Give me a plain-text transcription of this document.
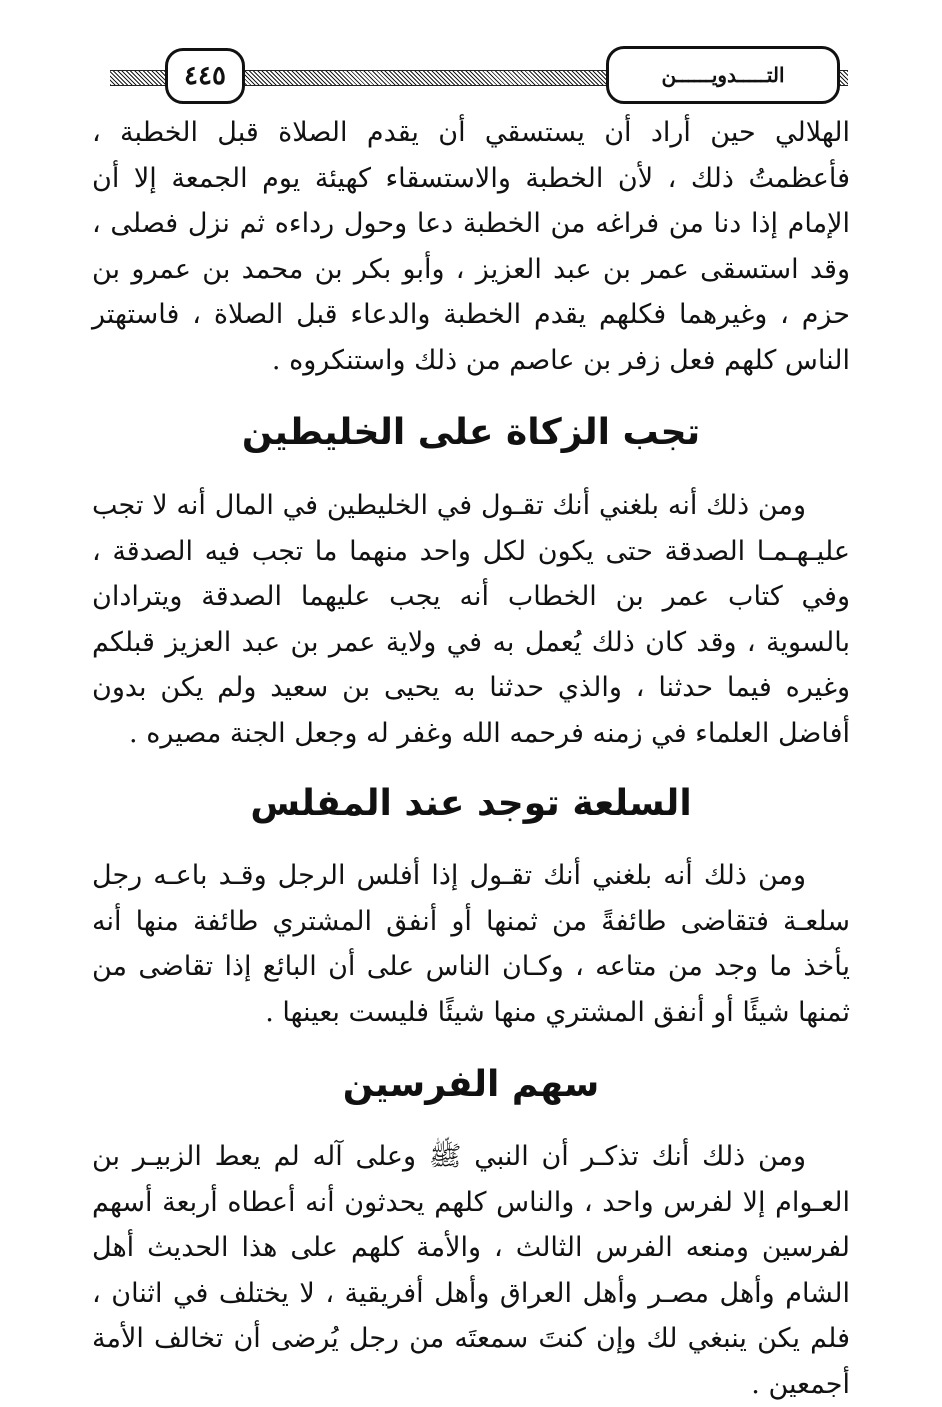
٤٤٥	التـــــدويــــــن

الهلالي حين أراد أن يستسقي أن يقدم الصلاة قبل الخطبة ، فأعظمتُ ذلك ، لأن الخطبة والاستسقاء كهيئة يوم الجمعة إلا أن الإمام إذا دنا من فراغه من الخطبة دعا وحول رداءه ثم نزل فصلى ، وقد استسقى عمر بن عبد العزيز ، وأبو بكر بن محمد بن عمرو بن حزم ، وغيرهما فكلهم يقدم الخطبة والدعاء قبل الصلاة ، فاستهتر الناس كلهم فعل زفر بن عاصم من ذلك واستنكروه .

تجب الزكاة على الخليطين

ومن ذلك أنه بلغني أنك تقـول في الخليطين في المال أنه لا تجب عليـهـمـا الصدقة حتى يكون لكل واحد منهما ما تجب فيه الصدقة ، وفي كتاب عمر بن الخطاب أنه يجب عليهما الصدقة ويترادان بالسوية ، وقد كان ذلك يُعمل به في ولاية عمر بن عبد العزيز قبلكم وغيره فيما حدثنا ، والذي حدثنا به يحيى بن سعيد ولم يكن بدون أفاضل العلماء في زمنه فرحمه الله وغفر له وجعل الجنة مصيره .

السلعة توجد عند المفلس

ومن ذلك أنه بلغني أنك تقـول إذا أفلس الرجل وقـد باعـه رجل سلعـة فتقاضى طائفةً من ثمنها أو أنفق المشتري طائفة منها أنه يأخذ ما وجد من متاعه ، وكـان الناس على أن البائع إذا تقاضى من ثمنها شيئًا أو أنفق المشتري منها شيئًا فليست بعينها .

سهم الفرسين

ومن ذلك أنك تذكـر أن النبي ﷺ وعلى آله لم يعط الزبيـر بن العـوام إلا لفرس واحد ، والناس كلهم يحدثون أنه أعطاه أربعة أسهم لفرسين ومنعه الفرس الثالث ، والأمة كلهم على هذا الحديث أهل الشام وأهل مصـر وأهل العراق وأهل أفريقية ، لا يختلف في اثنان ، فلم يكن ينبغي لك وإن كنتَ سمعتَه من رجل يُرضى أن تخالف الأمة أجمعين .
